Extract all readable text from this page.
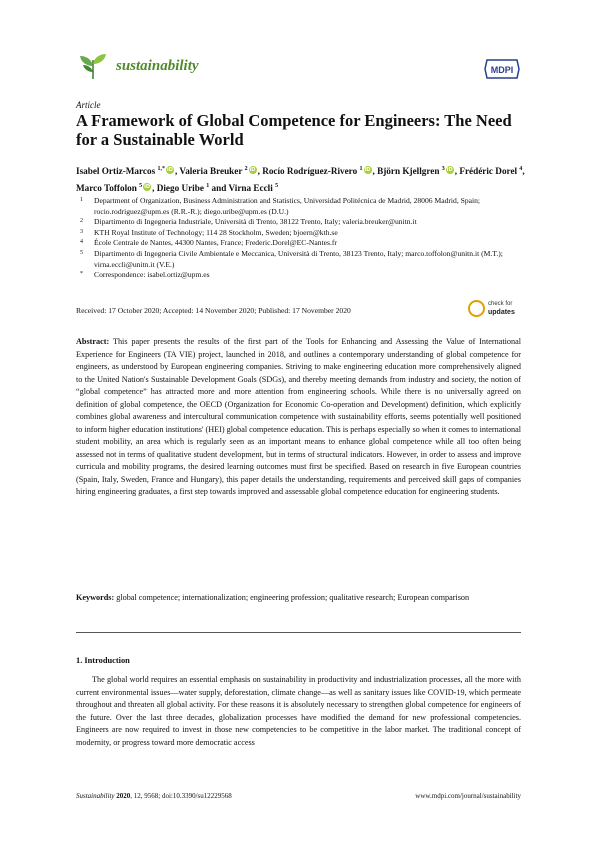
sustainability	MDPI
Article
A Framework of Global Competence for Engineers: The Need for a Sustainable World
Isabel Ortiz-Marcos $^{1,*}$ iD , Valeria Breuker $^2$ iD , Rocío Rodríguez-Rivero $^1$ iD , Björn Kjellgren $^3$ iD , Frédéric Dorel $^4$, Marco Toffolon $^5$ iD , Diego Uribe $^1$ and Virna Eccli $^5$
1 Department of Organization, Business Administration and Statistics, Universidad Politécnica de Madrid, 28006 Madrid, Spain; rocio.rodriguez@upm.es (R.R.-R.); diego.uribe@upm.es (D.U.)
2 Dipartimento di Ingegneria Industriale, Università di Trento, 38122 Trento, Italy; valeria.breuker@unitn.it
3 KTH Royal Institute of Technology; 114 28 Stockholm, Sweden; bjoern@kth.se
4 École Centrale de Nantes, 44300 Nantes, France; Frederic.Dorel@EC-Nantes.fr
5 Dipartimento di Ingegneria Civile Ambientale e Meccanica, Università di Trento, 38123 Trento, Italy; marco.toffolon@unitn.it (M.T.); virna.eccli@unitn.it (V.E.)
* Correspondence: isabel.ortiz@upm.es
Received: 17 October 2020; Accepted: 14 November 2020; Published: 17 November 2020
check for
updates
Abstract: This paper presents the results of the first part of the Tools for Enhancing and Assessing the Value of International Experience for Engineers (TA VIE) project, launched in 2018, and outlines a contemporary understanding of global competence for engineers, as understood by European engineering companies. Striving to make engineering education more comprehensively aligned to the United Nation's Sustainable Development Goals (SDGs), and thereby meeting demands from industry and society, the notion of “global competence” has attracted more and more attention from engineering schools. While there is no universally agreed on definition of global competence, the OECD (Organization for Economic Co-operation and Development) definition, which explicitly combines global awareness and intercultural communication competence with sustainability efforts, seems potentially well positioned to inform higher education institutions' (HEI) global competence education. This is perhaps especially so when it comes to international student mobility, an area which is regularly seen as an important means to enhance global competence while all too often being assessed not in terms of qualitative student development, but in terms of structural indicators. However, in order to assess and improve curricula and mobility programs, the desired learning outcomes must first be specified. Based on research in five European countries (Spain, Italy, Sweden, France and Hungary), this paper details the understanding, requirements and perceived skill gaps of companies hiring engineering graduates, a first step towards improved and assessable global competence education for engineering students.
Keywords: global competence; internationalization; engineering profession; qualitative research; European comparison
1. Introduction
The global world requires an essential emphasis on sustainability in productivity and industrialization processes, all the more with current environmental issues—water supply, deforestation, climate change—as well as sanitary issues like COVID-19, which permeate throughout and threaten all global activity. For these reasons it is absolutely necessary to strengthen global competence for engineers of the future. Over the last three decades, globalization processes have modified the demand for new professional competencies. Engineers are now required to invest in those new competencies to be competitive in the labor market. The traditional concept of modernity, or progress toward more democratic access
Sustainability 2020, 12, 9568; doi:10.3390/su12229568	www.mdpi.com/journal/sustainability
